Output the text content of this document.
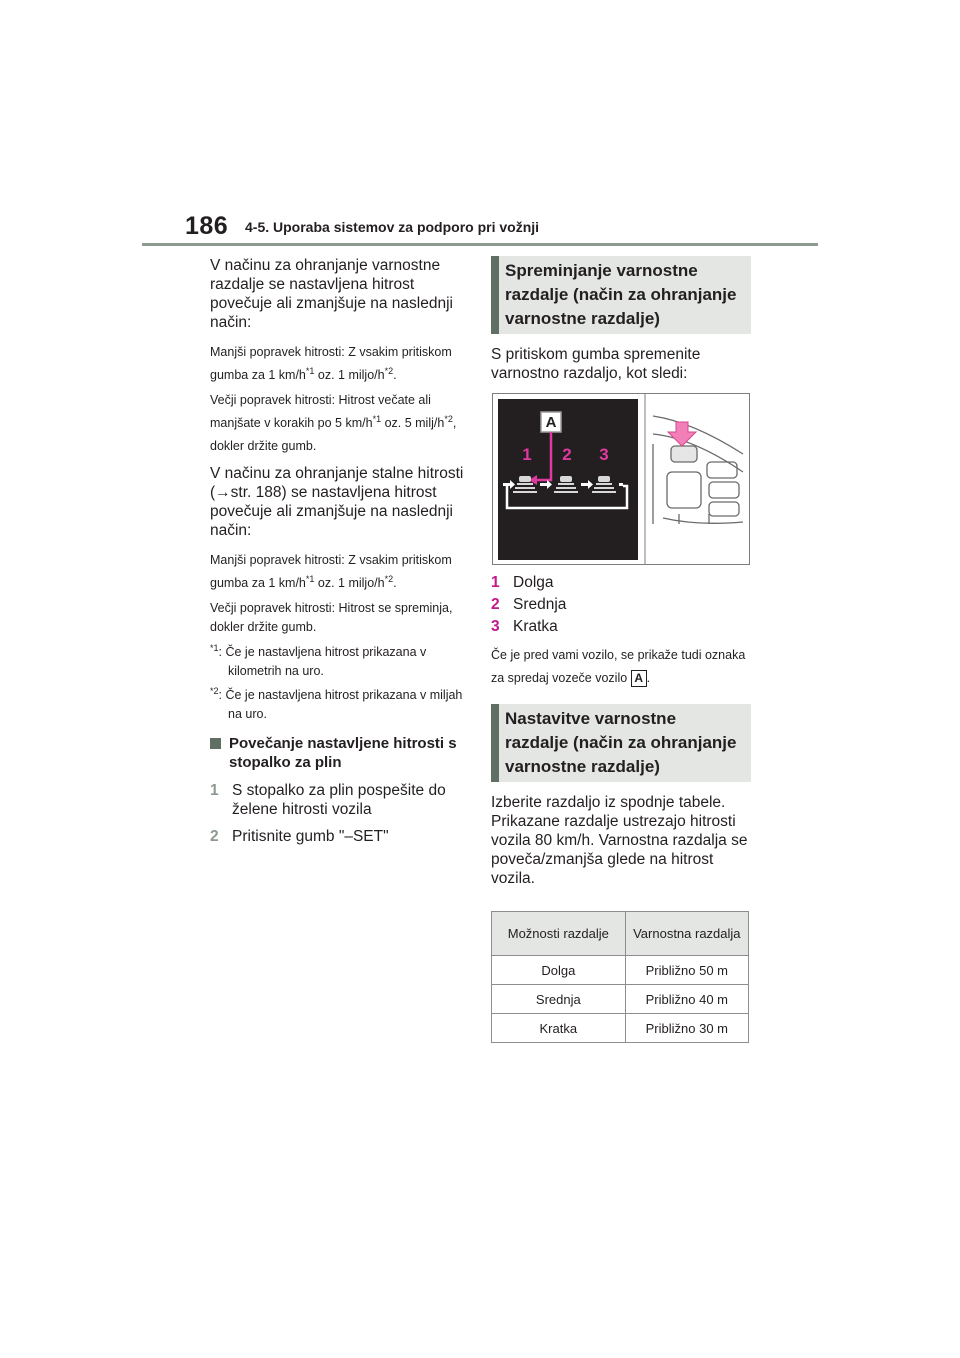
186 4-5. Uporaba sistemov za podporo pri vožnji

V načinu za ohranjanje varnostne razdalje se nastavljena hitrost povečuje ali zmanjšuje na naslednji način:

Manjši popravek hitrosti: Z vsakim pritiskom gumba za 1 $km/h^{*1}$ oz. 1 miljo/$h^{*2}$.

Večji popravek hitrosti: Hitrost večate ali manjšate v korakih po 5 $km/h^{*1}$ oz. 5 milj/$h^{*2}$, dokler držite gumb.

V načinu za ohranjanje stalne hitrosti (→str. 188) se nastavljena hitrost povečuje ali zmanjšuje na naslednji način:

Manjši popravek hitrosti: Z vsakim pritiskom gumba za 1 $km/h^{*1}$ oz. 1 miljo/$h^{*2}$.

Večji popravek hitrosti: Hitrost se spreminja, dokler držite gumb.

$^{*1}$: Če je nastavljena hitrost prikazana v kilometrih na uro.

$^{*2}$: Če je nastavljena hitrost prikazana v miljah na uro.

Povečanje nastavljene hitrosti s stopalko za plin
1 S stopalko za plin pospešite do želene hitrosti vozila
2 Pritisnite gumb "–SET"
Spreminjanje varnostne razdalje (način za ohranjanje varnostne razdalje)

S pritiskom gumba spremenite varnostno razdaljo, kot sledi:

A
1 2 3
1 Dolga
2 Srednja
3 Kratka

Če je pred vami vozilo, se prikaže tudi oznaka za spredaj vozeče vozilo A .

Nastavitve varnostne razdalje (način za ohranjanje varnostne razdalje)

Izberite razdaljo iz spodnje tabele. Prikazane razdalje ustrezajo hitrosti vozila 80 km/h. Varnostna razdalja se poveča/zmanjša glede na hitrost vozila.

Možnosti razdalje	Varnostna razdalja
Dolga	Približno 50 m
Srednja	Približno 40 m
Kratka	Približno 30 m
